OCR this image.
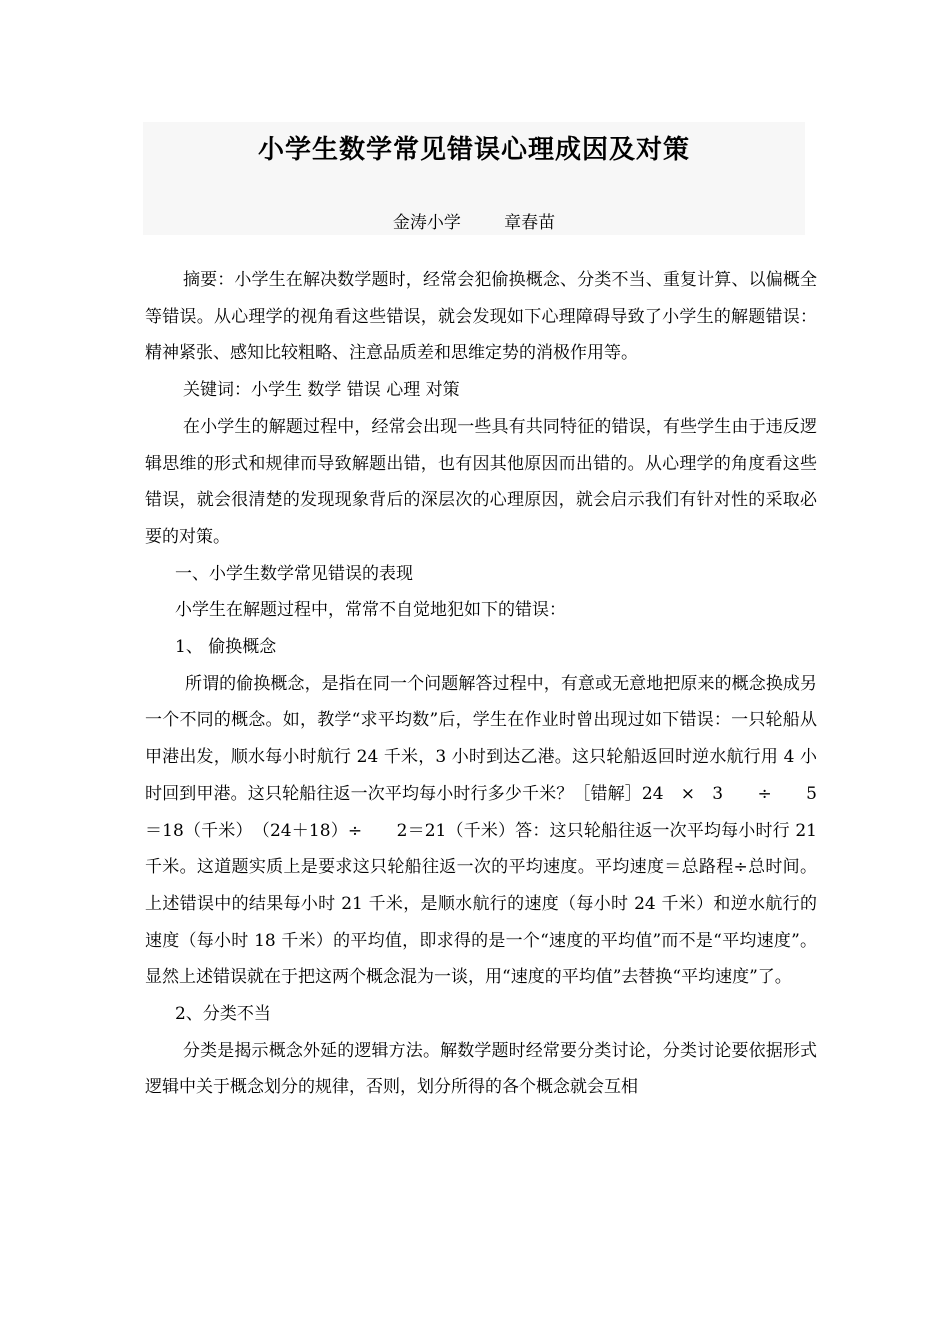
小学生数学常见错误心理成因及对策
金涛小学        章春苗

摘要：小学生在解决数学题时，经常会犯偷换概念、分类不当、重复计算、以偏概全等错误。从心理学的视角看这些错误，就会发现如下心理障碍导致了小学生的解题错误：精神紧张、感知比较粗略、注意品质差和思维定势的消极作用等。

关键词：小学生 数学 错误 心理 对策

在小学生的解题过程中，经常会出现一些具有共同特征的错误，有些学生由于违反逻辑思维的形式和规律而导致解题出错，也有因其他原因而出错的。从心理学的角度看这些错误，就会很清楚的发现现象背后的深层次的心理原因，就会启示我们有针对性的采取必要的对策。

一、小学生数学常见错误的表现

小学生在解题过程中，常常不自觉地犯如下的错误：

1、 偷换概念

所谓的偷换概念，是指在同一个问题解答过程中，有意或无意地把原来的概念换成另一个不同的概念。如，教学“求平均数”后，学生在作业时曾出现过如下错误：一只轮船从甲港出发，顺水每小时航行 24 千米，3 小时到达乙港。这只轮船返回时逆水航行用 4 小时回到甲港。这只轮船往返一次平均每小时行多少千米？［错解］24　×　3　　÷　　5＝18（千米）　（24＋18）÷　　2＝21（千米）答：这只轮船往返一次平均每小时行 21 千米。这道题实质上是要求这只轮船往返一次的平均速度。平均速度＝总路程÷总时间。上述错误中的结果每小时 21 千米，是顺水航行的速度（每小时 24 千米）和逆水航行的速度（每小时 18 千米）的平均值，即求得的是一个“速度的平均值”而不是“平均速度”。显然上述错误就在于把这两个概念混为一谈，用“速度的平均值”去替换“平均速度”了。

2、分类不当

分类是揭示概念外延的逻辑方法。解数学题时经常要分类讨论，分类讨论要依据形式逻辑中关于概念划分的规律，否则，划分所得的各个概念就会互相
